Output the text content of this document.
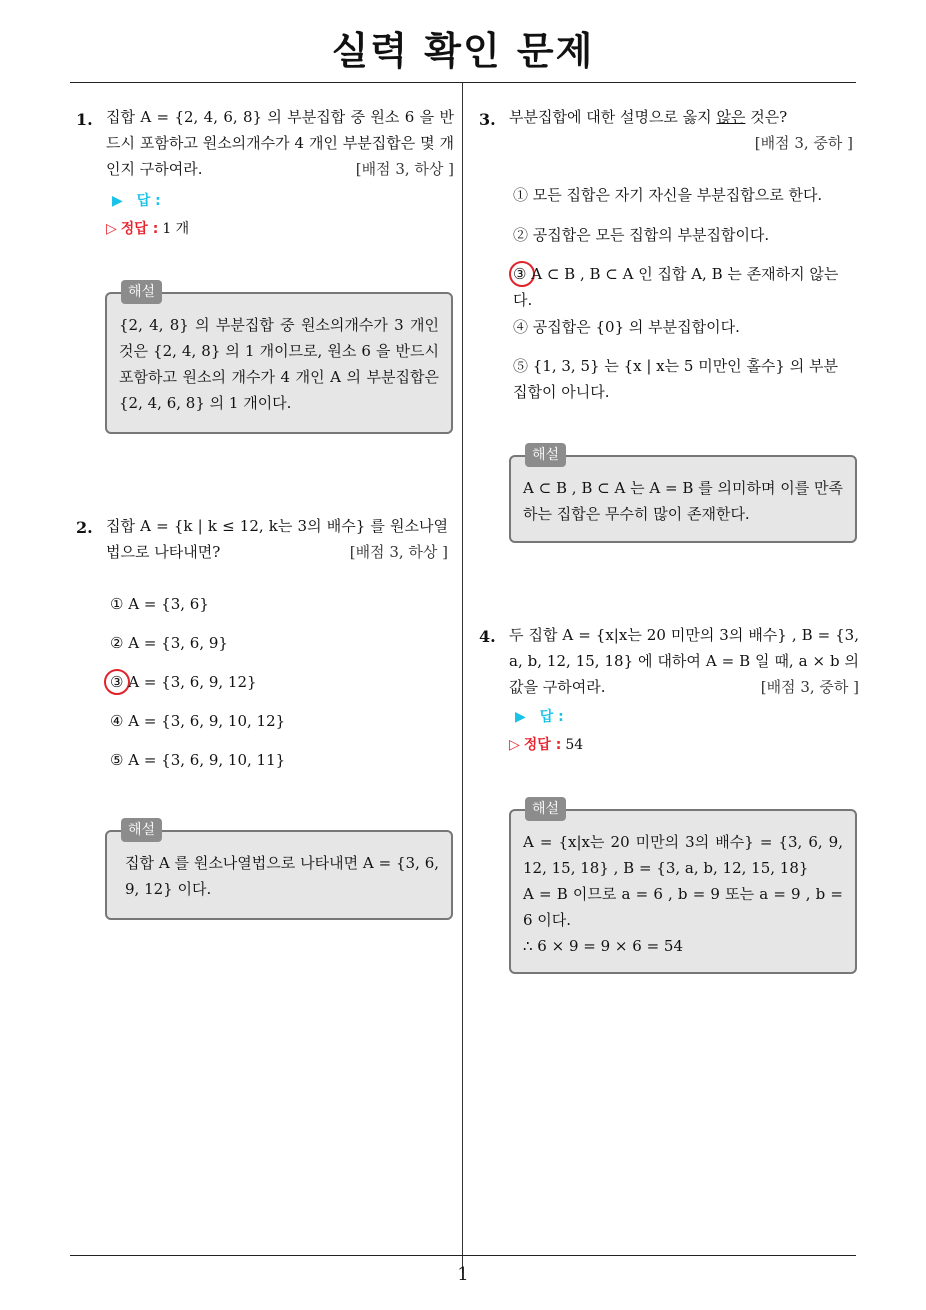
실력 확인 문제
1
1. 집합 A = {2, 4, 6, 8} 의 부분집합 중 원소 6 을 반드시 포함하고 원소의개수가 4 개인 부분집합은 몇 개인지 구하여라.	[배점 3, 하상 ]
▶ 답 :
▷ 정답 : 1 개
해설
{2, 4, 8} 의 부분집합 중 원소의개수가 3 개인 것은 {2, 4, 8} 의 1 개이므로, 원소 6 을 반드시 포함하고 원소의 개수가 4 개인 A 의 부분집합은 {2, 4, 6, 8} 의 1 개이다.
2. 집합 A = {k | k ≤ 12, k는 3의 배수} 를 원소나열법으로 나타내면?	[배점 3, 하상 ]
① A = {3, 6}
② A = {3, 6, 9}
③ A = {3, 6, 9, 12}
④ A = {3, 6, 9, 10, 12}
⑤ A = {3, 6, 9, 10, 11}
해설
집합 A 를 원소나열법으로 나타내면 A = {3, 6, 9, 12} 이다.
3. 부분집합에 대한 설명으로 옳지 않은 것은?
[배점 3, 중하 ]
① 모든 집합은 자기 자신을 부분집합으로 한다.
② 공집합은 모든 집합의 부분집합이다.
③ A ⊂ B , B ⊂ A 인 집합 A, B 는 존재하지 않는다.
④ 공집합은 {0} 의 부분집합이다.
⑤ {1, 3, 5} 는 {x | x는 5 미만인 홀수} 의 부분집합이 아니다.
해설
A ⊂ B , B ⊂ A 는 A = B 를 의미하며 이를 만족하는 집합은 무수히 많이 존재한다.
4. 두 집합 A = {x|x는 20 미만의 3의 배수} , B = {3, a, b, 12, 15, 18} 에 대하여 A = B 일 때, a × b 의 값을 구하여라.	[배점 3, 중하 ]
▶ 답 :
▷ 정답 : 54
해설
A = {x|x는 20 미만의 3의 배수} = {3, 6, 9, 12, 15, 18} , B = {3, a, b, 12, 15, 18}
A = B 이므로 a = 6 , b = 9 또는 a = 9 , b = 6 이다.
∴ 6 × 9 = 9 × 6 = 54
